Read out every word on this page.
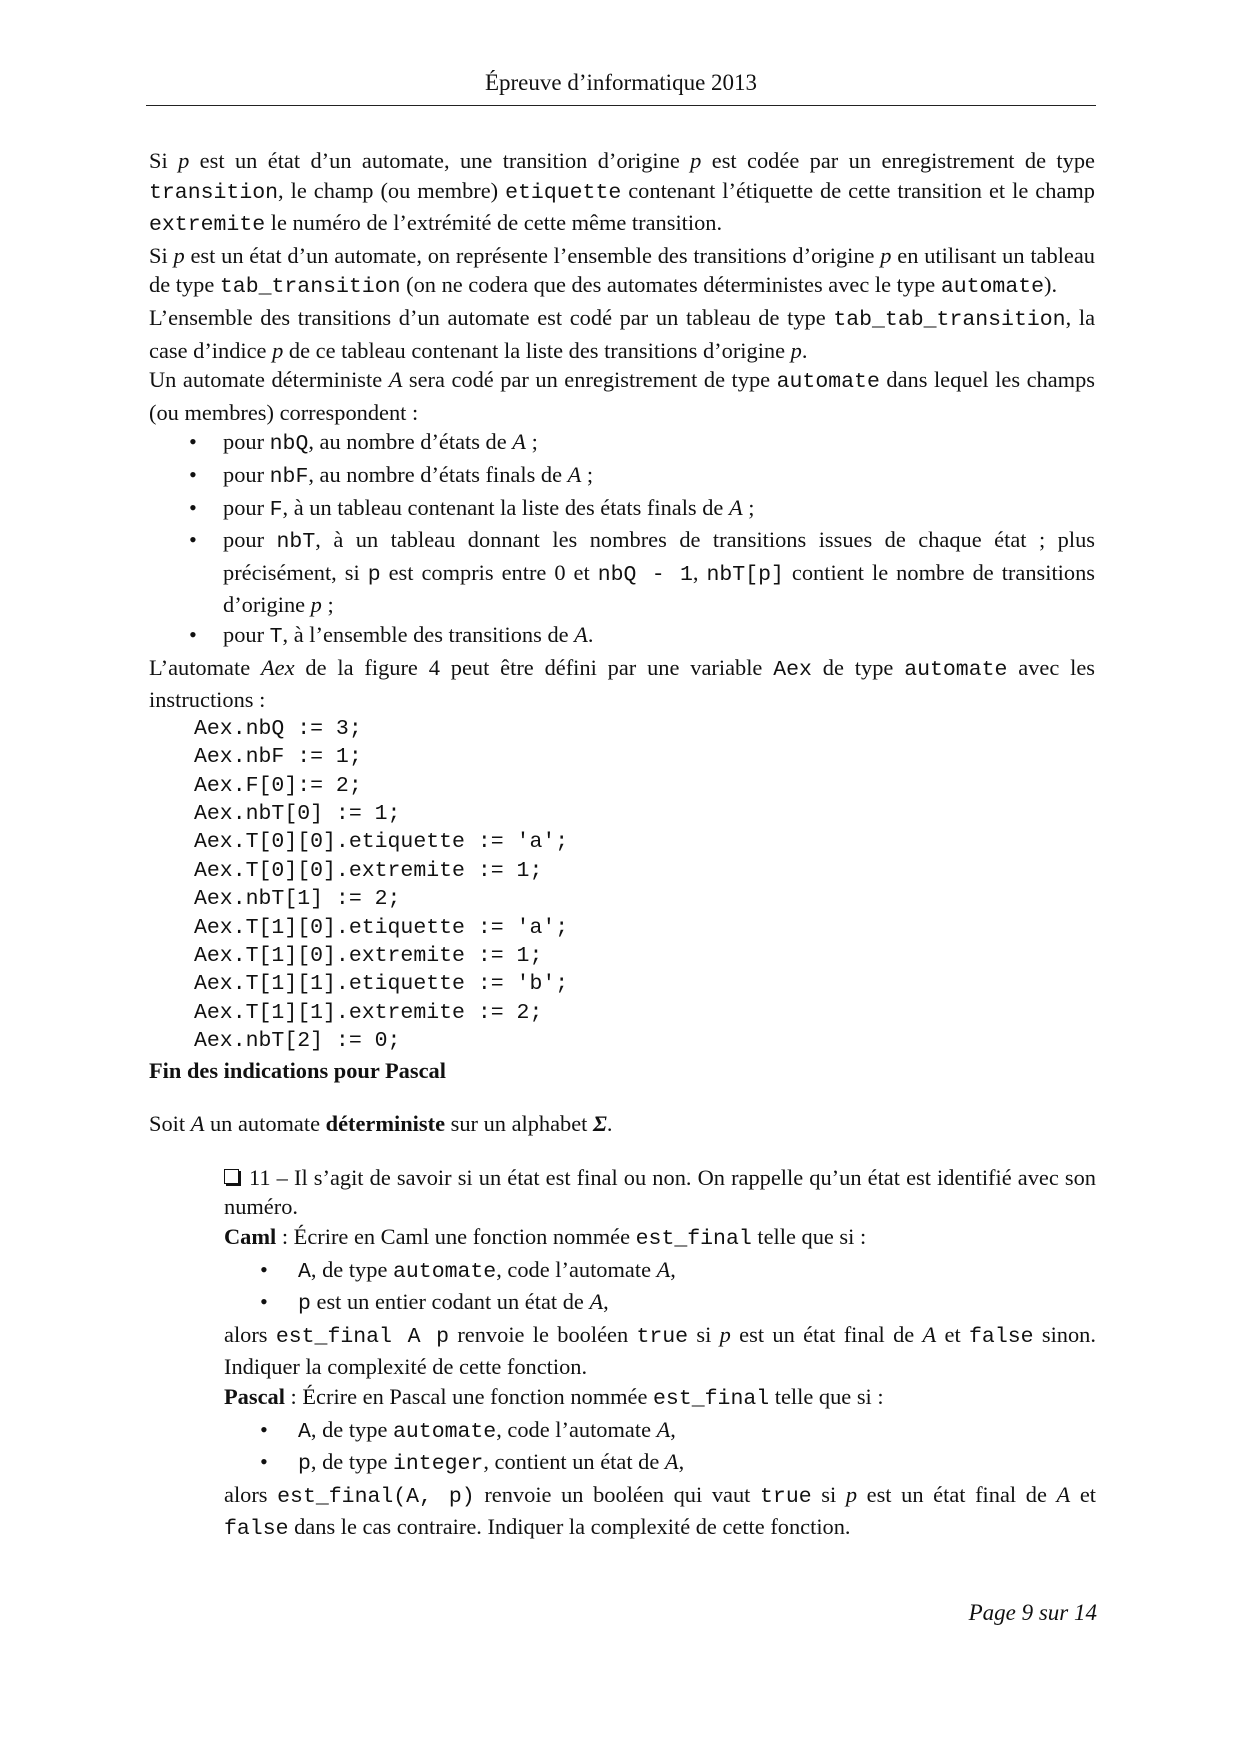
Épreuve d’informatique 2013

Si p est un état d’un automate, une transition d’origine p est codée par un enregistrement de type transition, le champ (ou membre) etiquette contenant l’étiquette de cette transition et le champ extremite le numéro de l’extrémité de cette même transition.

Si p est un état d’un automate, on représente l’ensemble des transitions d’origine p en utilisant un tableau de type tab_transition (on ne codera que des automates déterministes avec le type automate).

L’ensemble des transitions d’un automate est codé par un tableau de type tab_tab_transition, la case d’indice p de ce tableau contenant la liste des transitions d’origine p.

Un automate déterministe A sera codé par un enregistrement de type automate dans lequel les champs (ou membres) correspondent :

• pour nbQ, au nombre d’états de A ;
• pour nbF, au nombre d’états finals de A ;
• pour F, à un tableau contenant la liste des états finals de A ;
• pour nbT, à un tableau donnant les nombres de transitions issues de chaque état ; plus précisément, si p est compris entre 0 et nbQ - 1, nbT[p] contient le nombre de transitions d’origine p ;
• pour T, à l’ensemble des transitions de A.

L’automate Aex de la figure 4 peut être défini par une variable Aex de type automate avec les instructions :

Aex.nbQ := 3;
Aex.nbF := 1;
Aex.F[0]:= 2;
Aex.nbT[0] := 1;
Aex.T[0][0].etiquette := 'a';
Aex.T[0][0].extremite := 1;
Aex.nbT[1] := 2;
Aex.T[1][0].etiquette := 'a';
Aex.T[1][0].extremite := 1;
Aex.T[1][1].etiquette := 'b';
Aex.T[1][1].extremite := 2;
Aex.nbT[2] := 0;
Fin des indications pour Pascal

Soit A un automate déterministe sur un alphabet Σ.

11 – Il s’agit de savoir si un état est final ou non. On rappelle qu’un état est identifié avec son numéro.

Caml : Écrire en Caml une fonction nommée est_final telle que si :

• A, de type automate, code l’automate A,
• p est un entier codant un état de A,

alors est_final A p renvoie le booléen true si p est un état final de A et false sinon. Indiquer la complexité de cette fonction.

Pascal : Écrire en Pascal une fonction nommée est_final telle que si :

• A, de type automate, code l’automate A,
• p, de type integer, contient un état de A,

alors est_final(A, p) renvoie un booléen qui vaut true si p est un état final de A et false dans le cas contraire. Indiquer la complexité de cette fonction.

Page 9 sur 14
